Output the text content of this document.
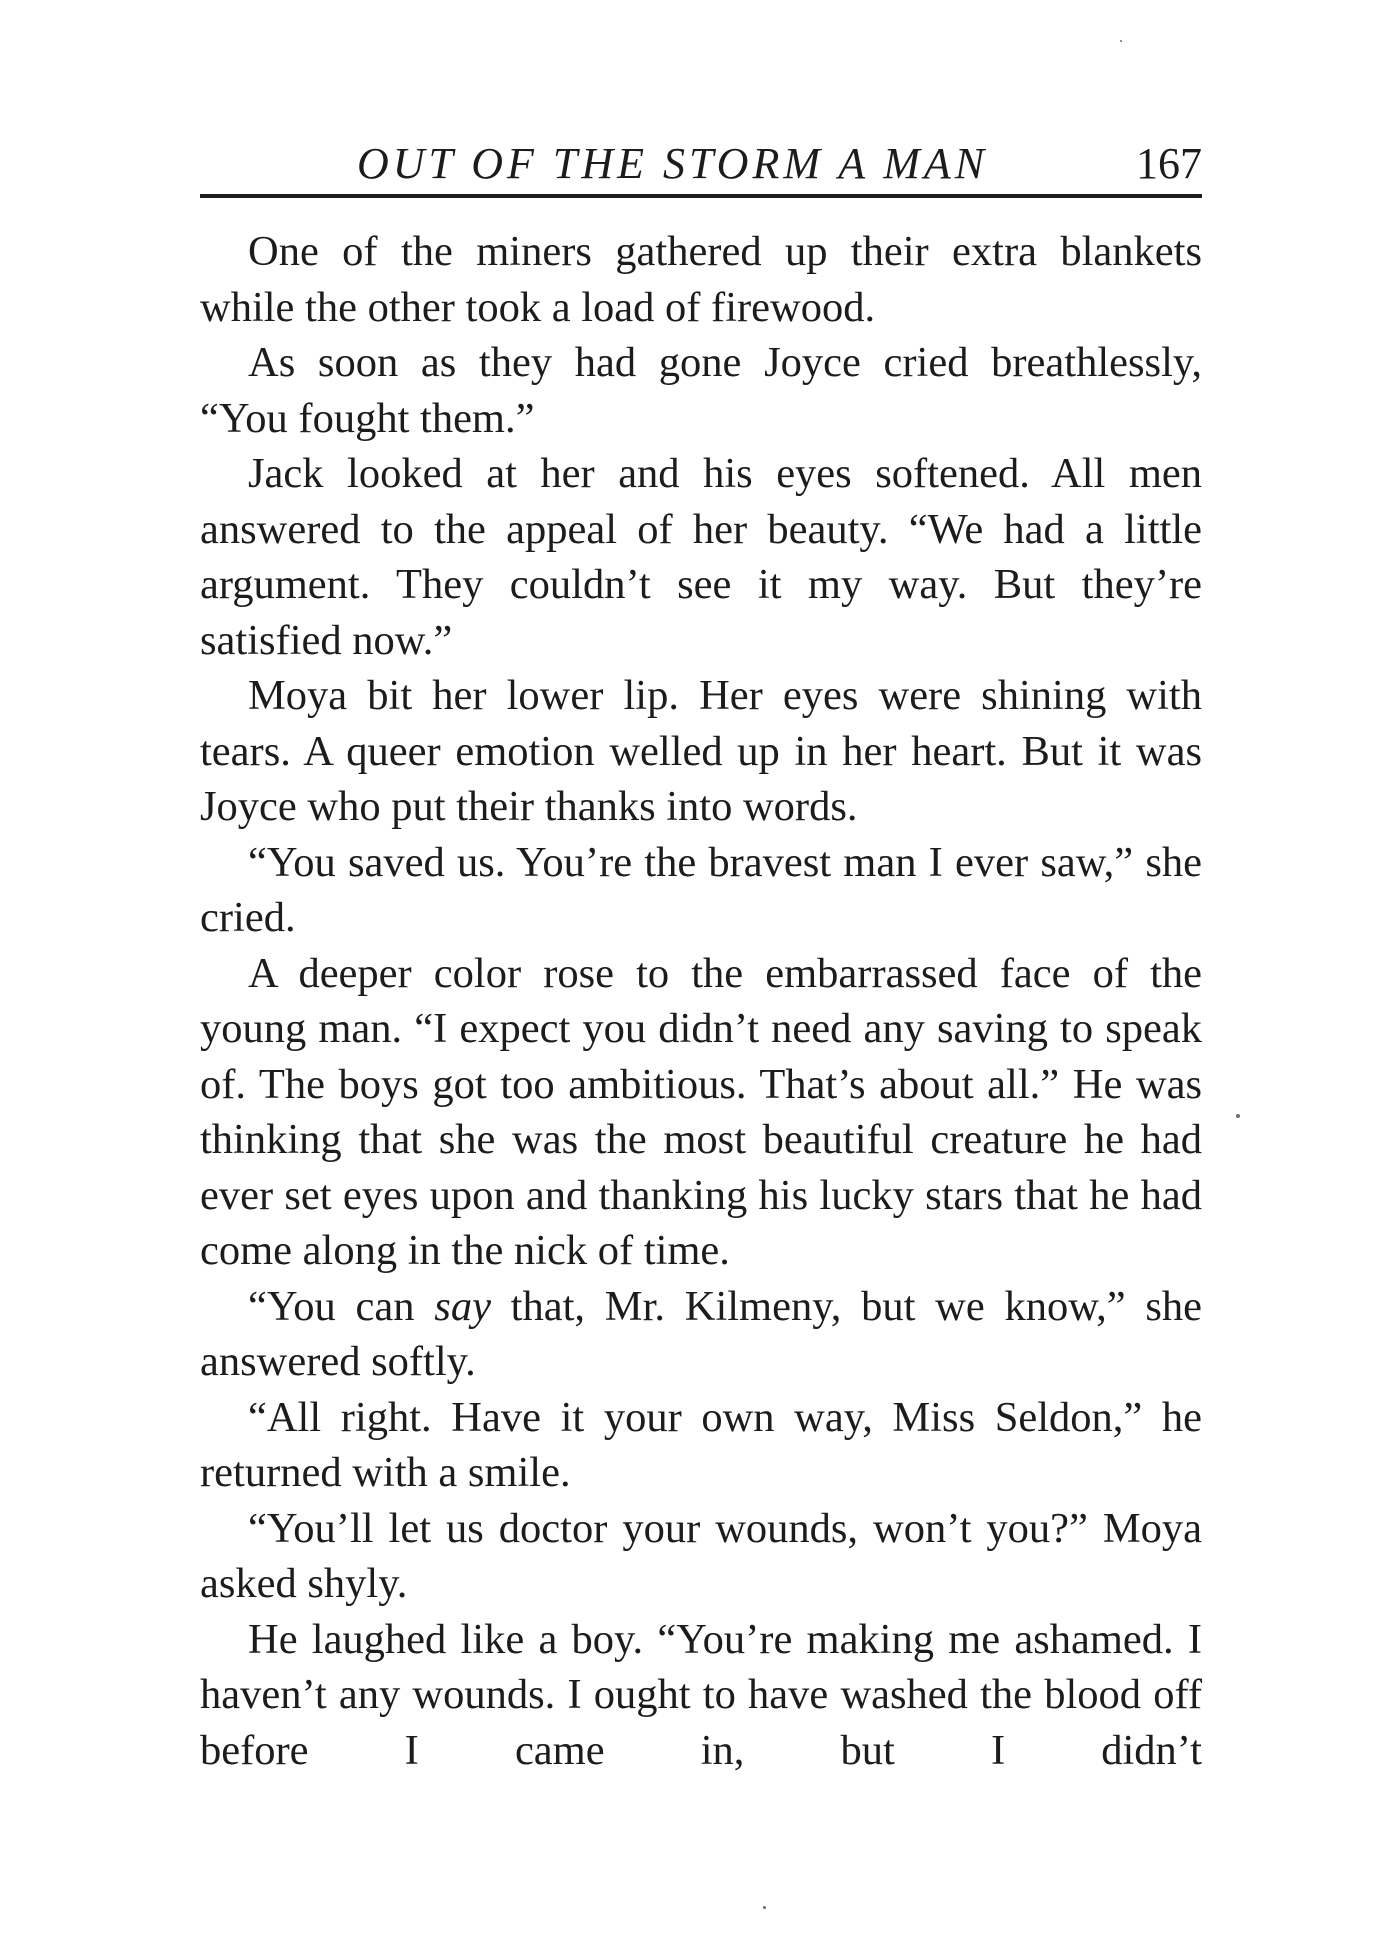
OUT OF THE STORM A MAN	167

One of the miners gathered up their extra blankets while the other took a load of firewood.

As soon as they had gone Joyce cried breathlessly, “You fought them.”

Jack looked at her and his eyes softened. All men answered to the appeal of her beauty. “We had a little argument. They couldn’t see it my way. But they’re satisfied now.”

Moya bit her lower lip. Her eyes were shining with tears. A queer emotion welled up in her heart. But it was Joyce who put their thanks into words.

“You saved us. You’re the bravest man I ever saw,” she cried.

A deeper color rose to the embarrassed face of the young man. “I expect you didn’t need any saving to speak of. The boys got too ambitious. That’s about all.” He was thinking that she was the most beautiful creature he had ever set eyes upon and thanking his lucky stars that he had come along in the nick of time.

“You can say that, Mr. Kilmeny, but we know,” she answered softly.

“All right. Have it your own way, Miss Seldon,” he returned with a smile.

“You’ll let us doctor your wounds, won’t you?” Moya asked shyly.

He laughed like a boy. “You’re making me ashamed. I haven’t any wounds. I ought to have washed the blood off before I came in, but I didn’t
